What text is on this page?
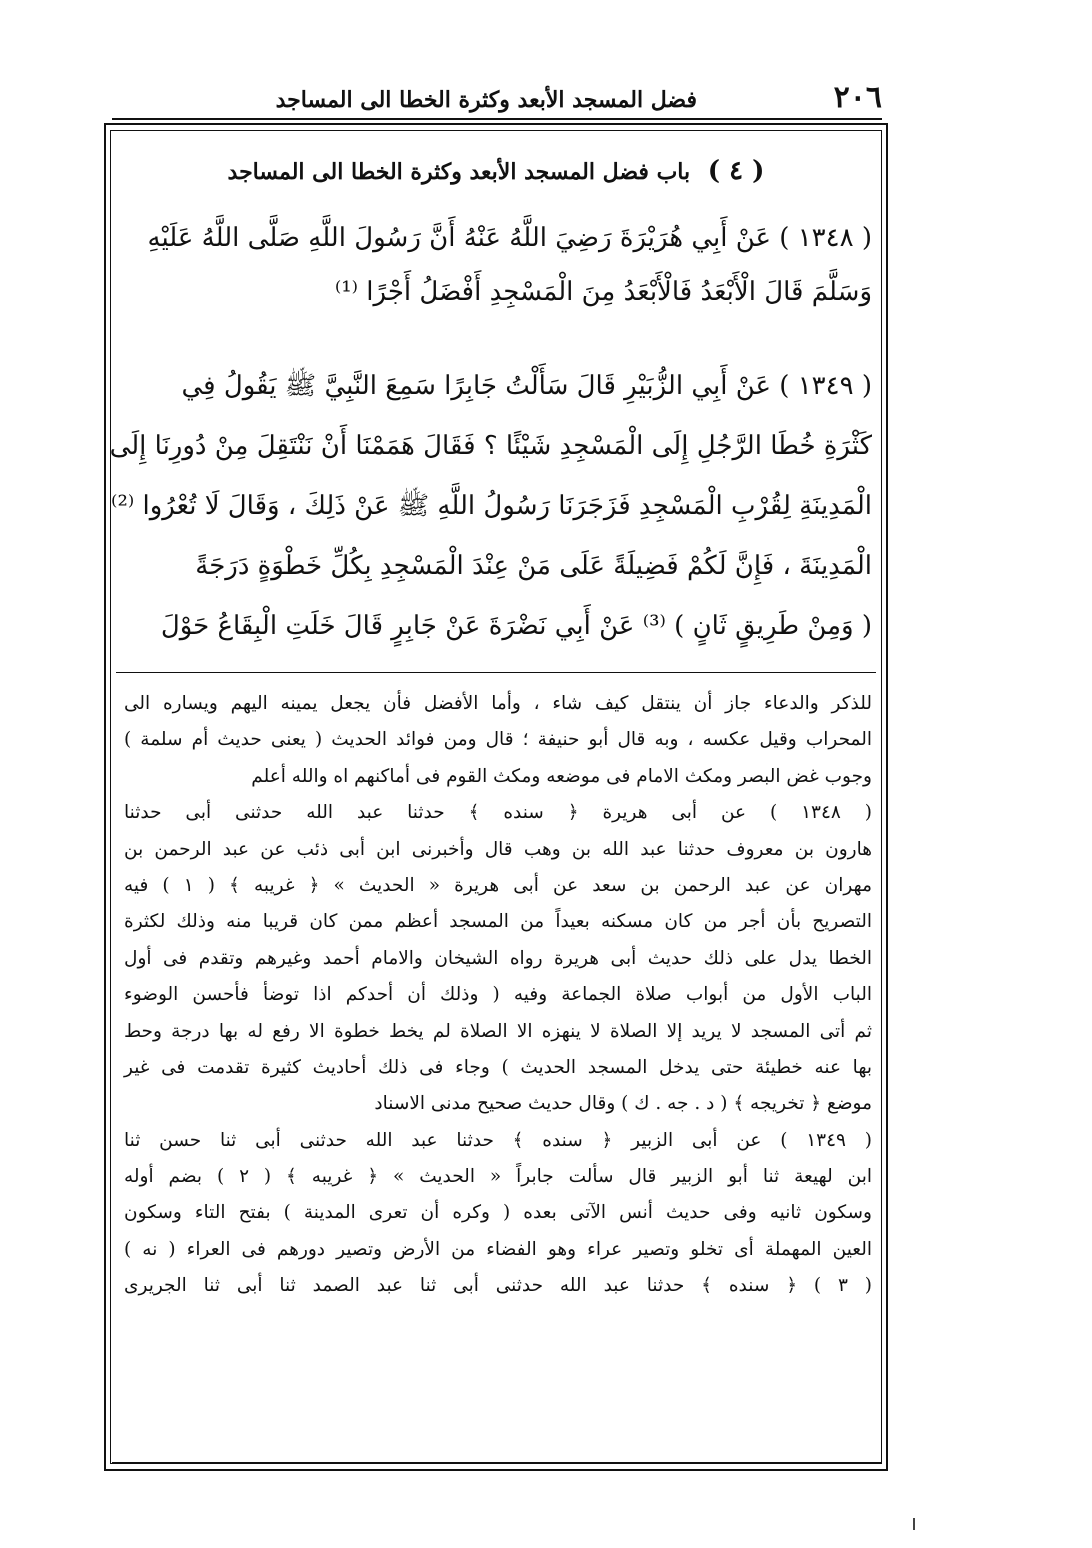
٢٠٦
فضل المسجد الأبعد وكثرة الخطا الى المساجد
( ٤ ) باب فضل المسجد الأبعد وكثرة الخطا الى المساجد
( ١٣٤٨ ) عَنْ أَبِي هُرَيْرَةَ رَضِيَ اللَّهُ عَنْهُ أَنَّ رَسُولَ اللَّهِ صَلَّى اللَّهُ عَلَيْهِ
وَسَلَّمَ قَالَ الْأَبْعَدُ فَالْأَبْعَدُ مِنَ الْمَسْجِدِ أَفْضَلُ أَجْرًا ⁽¹⁾
( ١٣٤٩ ) عَنْ أَبِي الزُّبَيْرِ قَالَ سَأَلْتُ جَابِرًا سَمِعَ النَّبِيَّ ﷺ يَقُولُ فِي
كَثْرَةِ خُطَا الرَّجُلِ إِلَى الْمَسْجِدِ شَيْئًا ؟ فَقَالَ هَمَمْنَا أَنْ نَنْتَقِلَ مِنْ دُورِنَا إِلَى
الْمَدِينَةِ لِقُرْبِ الْمَسْجِدِ فَزَجَرَنَا رَسُولُ اللَّهِ ﷺ عَنْ ذَلِكَ ، وَقَالَ لَا تُعْرُوا ⁽²⁾
الْمَدِينَةَ ، فَإِنَّ لَكُمْ فَضِيلَةً عَلَى مَنْ عِنْدَ الْمَسْجِدِ بِكُلِّ خَطْوَةٍ دَرَجَةً
( وَمِنْ طَرِيقٍ ثَانٍ ) ⁽³⁾ عَنْ أَبِي نَضْرَةَ عَنْ جَابِرٍ قَالَ خَلَتِ الْبِقَاعُ حَوْلَ
للذكر والدعاء جاز أن ينتقل كيف شاء ، وأما الأفضل فأن يجعل يمينه اليهم ويساره الى
المحراب وقيل عكسه ، وبه قال أبو حنيفة ؛ قال ومن فوائد الحديث ( يعنى حديث أم سلمة )
وجوب غض البصر ومكث الامام فى موضعه ومكث القوم فى أماكنهم اه والله أعلم
( ١٣٤٨ ) عن أبى هريرة ﴿ سنده ﴾ حدثنا عبد الله حدثنى أبى حدثنا
هارون بن معروف حدثنا عبد الله بن وهب قال وأخبرنى ابن أبى ذئب عن عبد الرحمن بن
مهران عن عبد الرحمن بن سعد عن أبى هريرة « الحديث » ﴿ غريبه ﴾ ( ١ ) فيه
التصريح بأن أجر من كان مسكنه بعيداً من المسجد أعظم ممن كان قريبا منه وذلك لكثرة
الخطا يدل على ذلك حديث أبى هريرة رواه الشيخان والامام أحمد وغيرهم وتقدم فى أول
الباب الأول من أبواب صلاة الجماعة وفيه ( وذلك أن أحدكم اذا توضأ فأحسن الوضوء
ثم أتى المسجد لا يريد إلا الصلاة لا ينهزه الا الصلاة لم يخط خطوة الا رفع له بها درجة وحط
بها عنه خطيئة حتى يدخل المسجد الحديث ) وجاء فى ذلك أحاديث كثيرة تقدمت فى غير
موضع ﴿ تخريجه ﴾ ( د . جه . ك ) وقال حديث صحيح مدنى الاسناد
( ١٣٤٩ ) عن أبى الزبير ﴿ سنده ﴾ حدثنا عبد الله حدثنى أبى ثنا حسن ثنا
ابن لهيعة ثنا أبو الزبير قال سألت جابراً « الحديث » ﴿ غريبه ﴾ ( ٢ ) بضم أوله
وسكون ثانيه وفى حديث أنس الآتى بعده ( وكره أن تعرى المدينة ) بفتح التاء وسكون
العين المهملة أى تخلو وتصير عراء وهو الفضاء من الأرض وتصير دورهم فى العراء ( نه )
( ٣ ) ﴿ سنده ﴾ حدثنا عبد الله حدثنى أبى ثنا عبد الصمد ثنا أبى ثنا الجريرى
